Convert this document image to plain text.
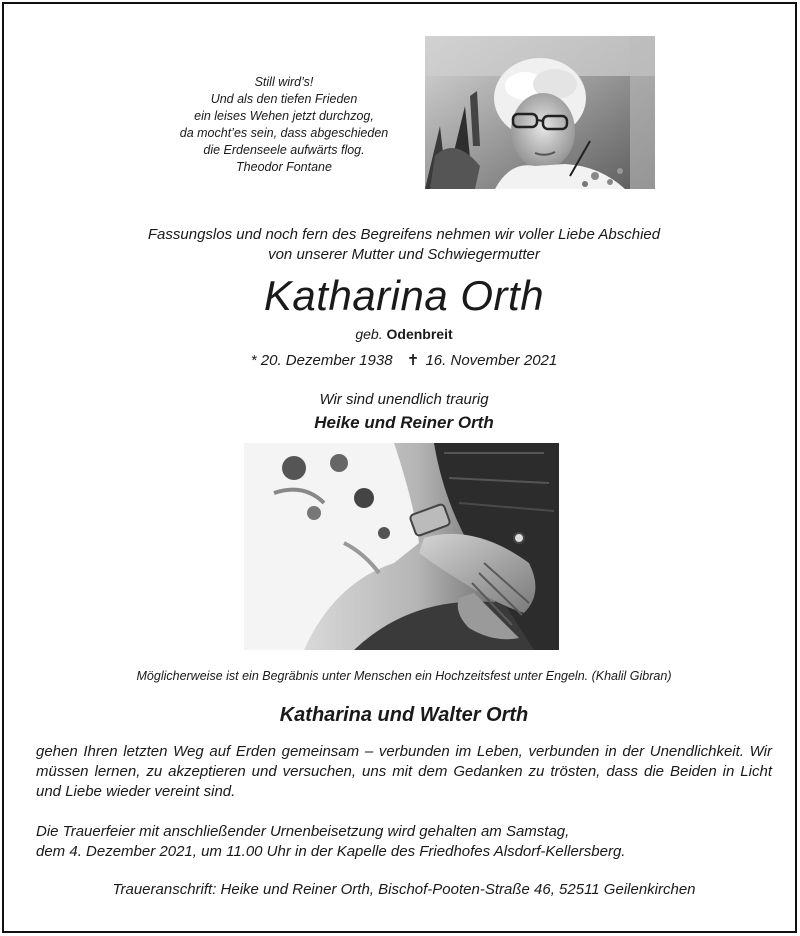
Still wird’s!
Und als den tiefen Frieden
ein leises Wehen jetzt durchzog,
da mocht’es sein, dass abgeschieden
die Erdenseele aufwärts flog.
Theodor Fontane
Fassungslos und noch fern des Begreifens nehmen wir voller Liebe Abschied
von unserer Mutter und Schwiegermutter
Katharina Orth
geb. Odenbreit
* 20. Dezember 1938 ✝ 16. November 2021
Wir sind unendlich traurig
Heike und Reiner Orth
Möglicherweise ist ein Begräbnis unter Menschen ein Hochzeitsfest unter Engeln. (Khalil Gibran)
Katharina und Walter Orth
gehen Ihren letzten Weg auf Erden gemeinsam – verbunden im Leben, verbunden in der Unendlichkeit. Wir müssen lernen, zu akzeptieren und versuchen, uns mit dem Gedanken zu trösten, dass die Beiden in Licht und Liebe wieder vereint sind.
Die Trauerfeier mit anschließender Urnenbeisetzung wird gehalten am Samstag,
dem 4. Dezember 2021, um 11.00 Uhr in der Kapelle des Friedhofes Alsdorf-Kellersberg.
Traueranschrift: Heike und Reiner Orth, Bischof-Pooten-Straße 46, 52511 Geilenkirchen
